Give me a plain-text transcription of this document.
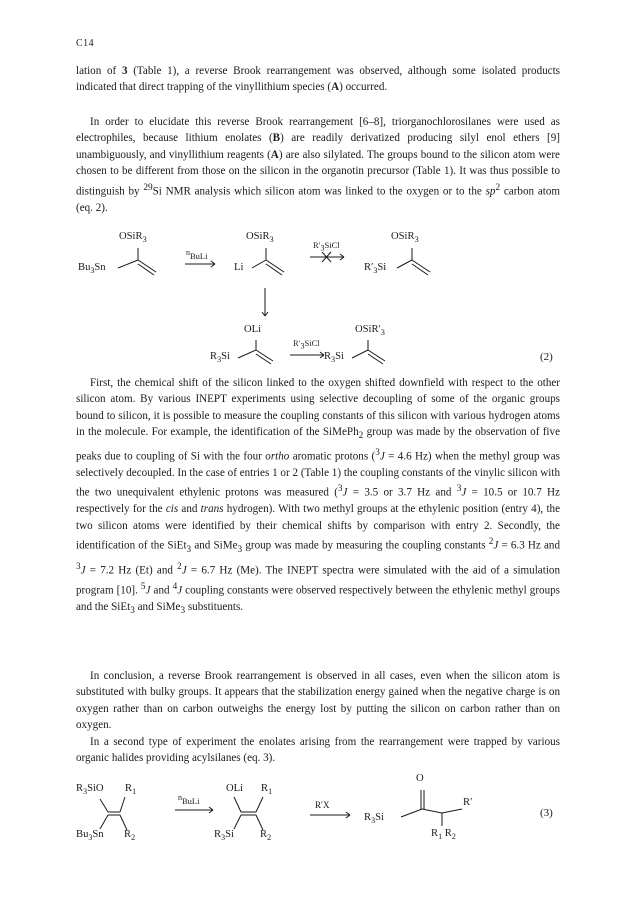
C14

lation of 3 (Table 1), a reverse Brook rearrangement was observed, although some isolated products indicated that direct trapping of the vinyllithium species (A) occurred.

In order to elucidate this reverse Brook rearrangement [6–8], triorganochlorosilanes were used as electrophiles, because lithium enolates (B) are readily derivatized producing silyl enol ethers [9] unambiguously, and vinyllithium reagents (A) are also silylated. The groups bound to the silicon atom were chosen to be different from those on the silicon in the organotin precursor (Table 1). It was thus possible to distinguish by $^{29}$Si NMR analysis which silicon atom was linked to the oxygen or to the $sp^2$ carbon atom (eq. 2).

OSiR$_3$
$Bu_3Sn$
$^n$BuLi
OSiR$_3$
Li
$R'_3SiCl$
OSiR$_3$
$R'_3Si$
OLi
$R_3Si$
$R'_3SiCl$
$OSiR'_3$
$R_3Si$	(2)

First, the chemical shift of the silicon linked to the oxygen shifted downfield with respect to the other silicon atom. By various INEPT experiments using selective decoupling of some of the organic groups bound to silicon, it is possible to measure the coupling constants of this silicon with various hydrogen atoms in the molecule. For example, the identification of the SiMePh$_2$ group was made by the observation of five peaks due to coupling of Si with the four ortho aromatic protons ($^3$J = 4.6 Hz) when the methyl group was selectively decoupled. In the case of entries 1 or 2 (Table 1) the coupling constants of the vinylic silicon with the two unequivalent ethylenic protons was measured ($^3$J = 3.5 or 3.7 Hz and $^3$J = 10.5 or 10.7 Hz respectively for the cis and trans hydrogen). With two methyl groups at the ethylenic position (entry 4), the two silicon atoms were identified by their chemical shifts by comparison with entry 2. Secondly, the identification of the SiEt$_3$ and SiMe$_3$ group was made by measuring the coupling constants $^2$J = 6.3 Hz and $^3$J = 7.2 Hz (Et) and $^2$J = 6.7 Hz (Me). The INEPT spectra were simulated with the aid of a simulation program [10]. $^5$J and $^4$J coupling constants were observed respectively between the ethylenic methyl groups and the SiEt$_3$ and SiMe$_3$ substituents.

In conclusion, a reverse Brook rearrangement is observed in all cases, even when the silicon atom is substituted with bulky groups. It appears that the stabilization energy gained when the negative charge is on oxygen rather than on carbon outweighs the energy lost by putting the silicon on carbon rather than on oxygen.

In a second type of experiment the enolates arising from the rearrangement were trapped by various organic halides providing acylsilanes (eq. 3).

$R_3SiO$ $R_1$
$Bu_3Sn$ $R_2$
$^n$BuLi
OLi $R_1$
$R_3Si$ $R_2$
R′X
O
$R_3Si$
R′
$R_1$ $R_2$
(3)
